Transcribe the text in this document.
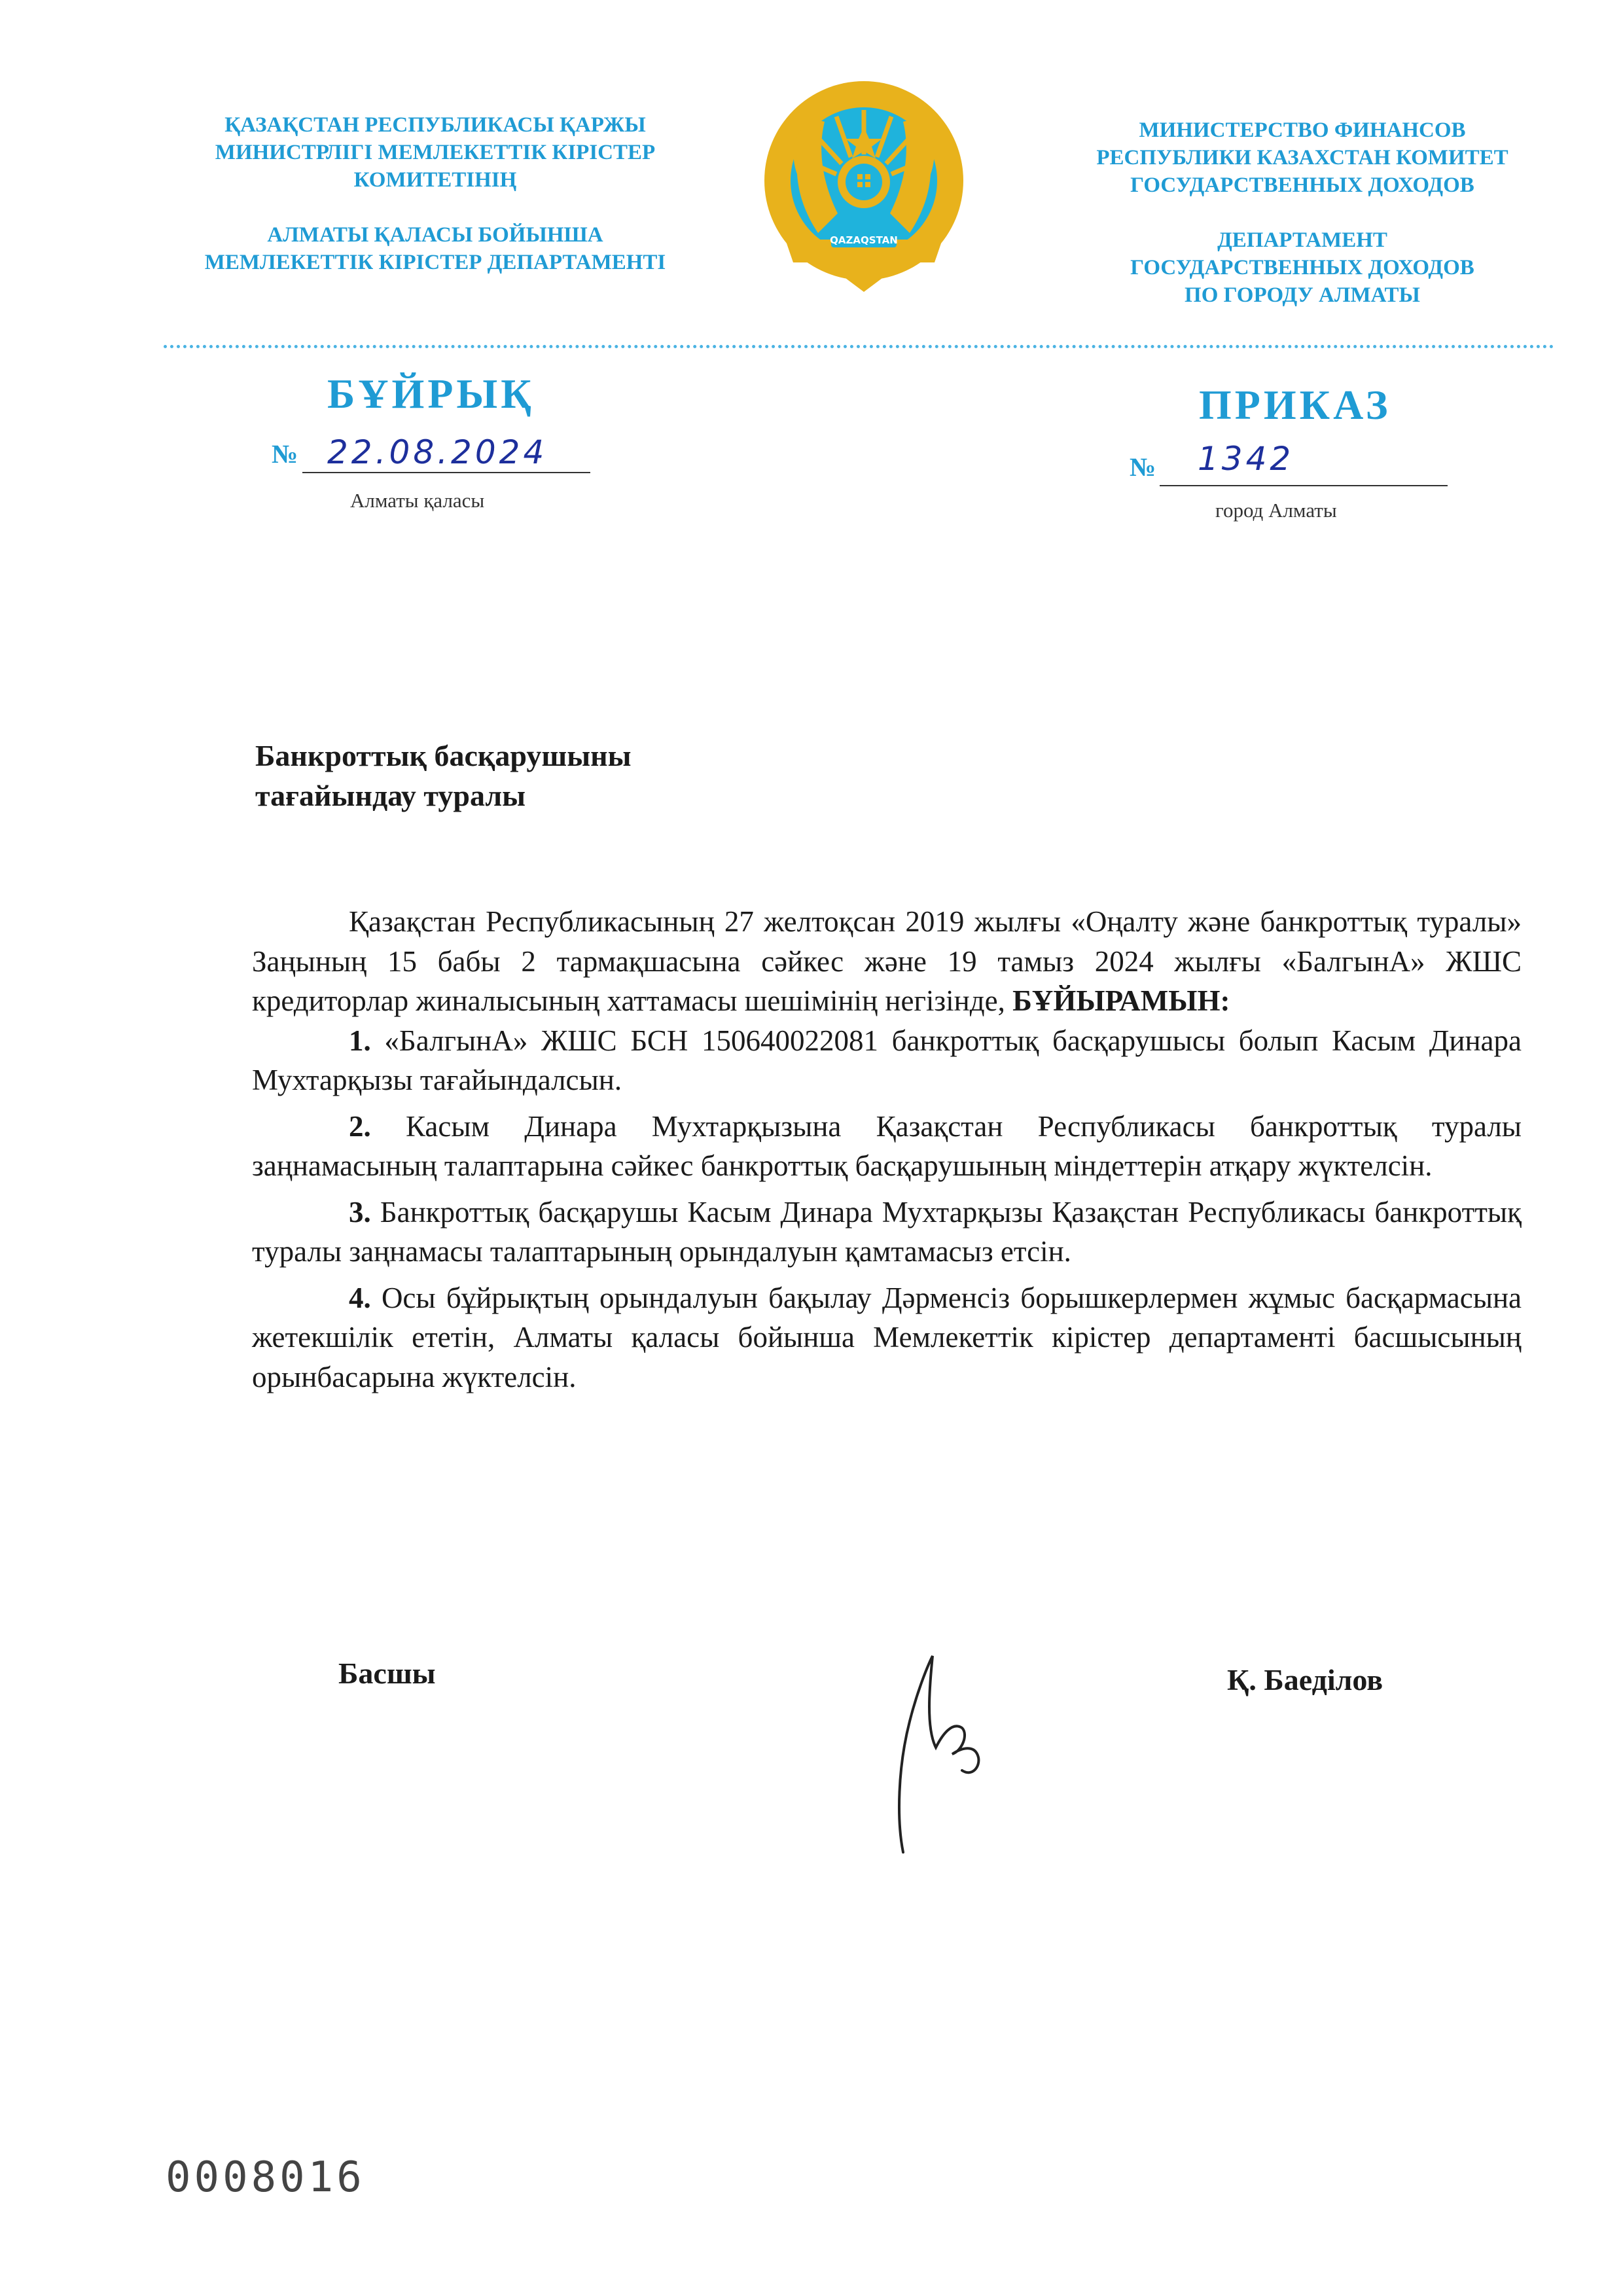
ҚАЗАҚСТАН РЕСПУБЛИКАСЫ ҚАРЖЫ

МИНИСТРЛІГІ МЕМЛЕКЕТТІК КІРІСТЕР

КОМИТЕТІНІҢ

АЛМАТЫ ҚАЛАСЫ БОЙЫНША

МЕМЛЕКЕТТІК КІРІСТЕР ДЕПАРТАМЕНТІ

QAZAQSTAN

МИНИСТЕРСТВО ФИНАНСОВ

РЕСПУБЛИКИ КАЗАХСТАН КОМИТЕТ

ГОСУДАРСТВЕННЫХ ДОХОДОВ

ДЕПАРТАМЕНТ

ГОСУДАРСТВЕННЫХ ДОХОДОВ

ПО ГОРОДУ АЛМАТЫ

БҰЙРЫҚ	ПРИКАЗ
№ 22.08.2024
Алматы қаласы
№ 1342
город Алматы

Банкроттық басқарушыны

тағайындау туралы

Қазақстан Республикасының 27 желтоқсан 2019 жылғы «Оңалту және банкроттық туралы» Заңының 15 бабы 2 тармақшасына сәйкес және 19 тамыз 2024 жылғы «БалгынА» ЖШС кредиторлар жиналысының хаттамасы шешімінің негізінде, БҰЙЫРАМЫН:

1. «БалгынА» ЖШС БСН 150640022081 банкроттық басқарушысы болып Касым Динара Мухтарқызы тағайындалсын.

2. Касым Динара Мухтарқызына Қазақстан Республикасы банкроттық туралы заңнамасының талаптарына сәйкес банкроттық басқарушының міндеттерін атқару жүктелсін.

3. Банкроттық басқарушы Касым Динара Мухтарқызы Қазақстан Республикасы банкроттық туралы заңнамасы талаптарының орындалуын қамтамасыз етсін.

4. Осы бұйрықтың орындалуын бақылау Дәрменсіз борышкерлермен жұмыс басқармасына жетекшілік ететін, Алматы қаласы бойынша Мемлекеттік кірістер департаменті басшысының орынбасарына жүктелсін.

Басшы	Қ. Баеділов
0008016
